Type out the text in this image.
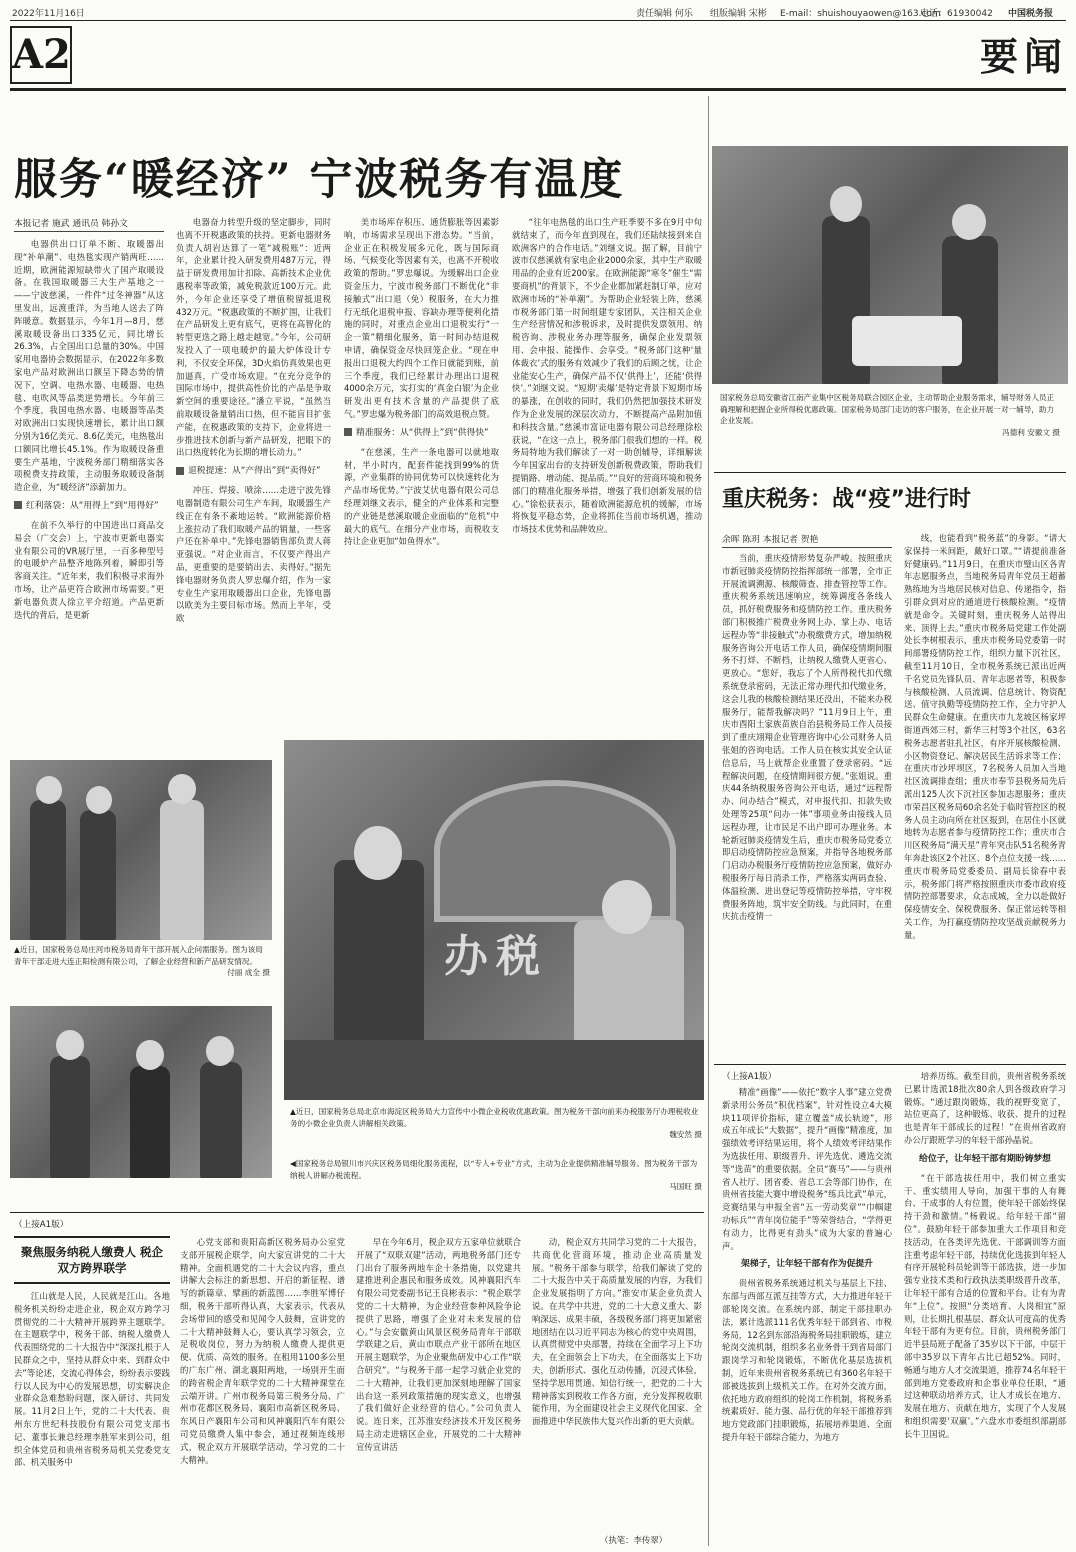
2022年11月16日	责任编辑 何乐 组版编辑 宋彬 E-mail：shuishouyaowen@163.com
电话：61930042 中国税务报
A2	要闻
服务“暖经济” 宁波税务有温度
本报记者 施武 通讯员 韩孙文

电器供出口订单不断、取暖器出现“补单潮”、电热毯实现产销两旺……近期，欧洲能源短缺带火了国产取暖设备。在我国取暖器三大生产基地之一——宁波慈溪，一件件“过冬神器”从这里发出，远渡重洋，为当地人送去了阵阵暖意。数据显示，今年1月—8月，慈溪取暖设备出口335亿元，同比增长26.3%，占全国出口总量的30%。中国家用电器协会数据显示，在2022年多数家电产品对欧洲出口额呈下降态势的情况下，空调、电热水器、电暖器、电热毯、电吹风等品类逆势增长。今年前三个季度，我国电热水器、电暖器等品类对欧洲出口实现快速增长，累计出口额分别为16亿美元、8.6亿美元，电热毯出口额同比增长45.1%。作为取暖设备重要生产基地，宁波税务部门精细落实各项税费支持政策，主动服务取暖设备制造企业，为“暖经济”添薪加力。

红利落袋：从“用得上”到“用得好”

在前不久举行的中国进出口商品交易会（广交会）上，宁波市更新电器实业有限公司的VR展厅里，一百多种型号的电暖炉产品整齐地陈列着，瞬即引等客商关注。“近年来，我们积极寻求海外市场，让产品更符合欧洲市场需要。”更新电器负责人徐立平介绍道。产品更新迭代的背后，是更新

电器奋力转型升级的坚定脚步，同时也离不开税惠政策的扶持。更新电器财务负责人胡岩达算了一笔“减税账”：近两年，企业累计投入研发费用487万元，得益于研发费用加计扣除、高新技术企业优惠税率等政策，减免税款近100万元。此外，今年企业还享受了增值税留抵退税432万元。“税惠政策的不断扩围，让我们在产品研发上更有底气，更将在高智化的转型更迭之路上越走越宽。”今年，公司研发投入了一项电暖炉的最大炉体设计专利，不仅安全环保，3D火焰仿真效果也更加逼真，广受市场欢迎。“在充分竞争的国际市场中，提供高性价比的产品是争取新空间的重要途径。”潘立平说，“虽然当前取暖设备量销出口热，但不能盲目扩张产能，在税惠政策的支持下，企业将进一步推进技术创新与新产品研发，把眼下的出口热度转化为长期的增长动力。”

退税提速：从“产得出”到“卖得好”

冲压、焊接、喷涂……走进宁波先锋电器制造有限公司生产车间，取暖器生产线正在有条不紊地运转。“欧洲能源价格上涨拉动了我们取暖产品的销量，一些客户还在补单中。”先锋电器销售部负责人蒋亚强说。“对企业而言，不仅要产得出产品，更重要的是要销出去、卖得好。”据先锋电器财务负责人罗忠爆介绍，作为一家专业生产家用取暖器出口企业，先锋电器以欧美为主要目标市场。然而上半年，受欧

美市场库存积压、通货膨胀等因素影响，市场需求呈现出下滑态势。“当前，企业正在积极发展多元化，既与国际商场、气候变化等因素有关，也离不开税收政策的帮助。”罗忠爆说。为缓解出口企业资金压力，宁波市税务部门不断优化“非接触式”出口退（免）税服务，在大力推行无纸化退税申报、容缺办理等便利化措施的同时，对重点企业出口退税实行“一企一策”精细化服务，第一时间办结退税申请，确保资金尽快回笼企业。“现在申报出口退税大约四个工作日就能到账，前三个季度，我们已经累计办理出口退税4000余万元，实打实的‘真金白银’为企业研发出更有技术含量的产品提供了底气。”罗忠爆为税务部门的高效退税点赞。

精准服务：从“供得上”到“供得快”

“在慈溪，生产一条电器可以就地取材，半小时内，配套件能找到99%的货源，产业集群的协同优势可以快速转化为产品市场优势。”宁波艾伏电器有限公司总经理刘继文表示，健全的产业体系和完整的产业链是慈溪取暖企业面临的“危机”中最大的底气。在细分产业市场，而税收支持让企业更加“如鱼得水”。

“往年电热毯的出口生产旺季要不多在9月中旬就结束了，而今年直到现在，我们还陆续接到来自欧洲客户的合作电话。”刘继文说。据了解，目前宁波市仅慈溪就有家电企业2000余家，其中生产取暖用品的企业有近200家。在欧洲能源“寒冬”催生“需要商机”的背景下，不少企业都加紧赶制订单，应对欧洲市场的“补单潮”。为帮助企业轻装上阵，慈溪市税务部门第一时间组建专家团队，关注相关企业生产经营情况和涉税诉求，及时提供发票领用、纳税咨询、涉税业务办理等服务，确保企业发票领用、会申报、能操作、会享受。“税务部门这种‘量体裁衣’式的服务有效减少了我们的后顾之忧，让企业能安心生产，确保产品不仅‘供得上’，还能‘供得快’。”刘继文说。“短期‘卖爆’是特定背景下短期市场的暴涨，在创收的同时，我们仍然把加强技术研发作为企业发展的深层次动力，不断提高产品附加值和科技含量。”慈溪市富证电器有限公司总经理徐松获说，“在这一点上，税务部门很我们想的一样。税务局特地为我们解读了一对一助创辅导，详细解读今年国家出台的支持研发创新税费政策，帮助我们提销路、增动能、提品质。”“良好的营商环境和税务部门的精准化服务举措，增强了我们创新发展的信心。”徐松获表示，随着欧洲能源危机的缓解，市场将恢复平稳态势，企业将抓住当前市场机遇，推动市场技术优势和品牌效应。

国家税务总局安徽省江南产业集中区税务局联合园区企业，主动帮助企业服务需求，辅导财务人员正确理解和把握企业所得税优惠政策。国家税务局部门走访的客户服务，在企业开展一对一辅导，助力企业发展。
冯德利 安徽文 摄
重庆税务：战“疫”进行时
余晖 陈玥 本报记者 贺艳

当前，重庆疫情形势复杂严峻。按照重庆市新冠肺炎疫情防控指挥部统一部署，全市正开展流调溯源、核酸筛查、排查管控等工作。重庆税务系统迅速响应，统筹调度各条线人员，抓好税费服务和疫情防控工作。重庆税务部门积极推广税费业务网上办、掌上办、电话远程办等“非接触式”办税缴费方式，增加纳税服务咨询公开电话工作人员，确保疫情期间服务不打烊、不断档，让纳税人缴费人更省心、更放心。“您好，我忘了个人所得税代扣代缴系统登录密码，无法正常办理代扣代缴业务，这会儿我的核酸检测结果还没出，不能来办税服务厅，能帮我解决吗？”11月9日上午，重庆市酉阳土家族苗族自治县税务局工作人员接到了重庆翊翔企业管理咨询中心公司财务人员张姐的咨询电话。工作人员在核实其安全认证信息后，马上就帮企业重置了登录密码。“远程解决问题，在疫情期间很方便。”张姐说。重庆44条纳税服务咨询公开电话，通过“远程帮办、问办结合”模式，对申报代扣、扣款失败处理等25项“问办一体”事项业务由接线人员远程办理，让市民足不出户即可办理业务。本轮新冠肺炎疫情发生后，重庆市税务局党委立即启动疫情防控应急预案，并指导各地税务部门启动办税服务厅疫情防控应急预案，做好办税服务厅每日消杀工作，严格落实两码查验、体温检测、进出登记等疫情防控举措，守牢税费服务阵地，筑牢安全防线。与此同时，在重庆抗击疫情一

线，也能看到“税务蓝”的身影。“请大家保持一米间距，戴好口罩。”“请提前准备好健康码。”11月9日，在重庆市璧山区各青年志愿服务点，当地税务局青年党员王超蓄熟练地为当地居民核对信息、传递指令，指引群众到对应的通道进行核酸检测。“疫情就是命令。关键时刻，重庆税务人站得出来、顶得上去。”重庆市税务局党建工作处副处长李树根表示，重庆市税务局党委第一时间部署疫情防控工作，组织力量下沉社区，截至11月10日，全市税务系统已派出近两千名党员先锋队员、青年志愿者等，积极参与核酸检测、人员流调、信息统计、物资配送、值守执勤等疫情防控工作，全力守护人民群众生命健康。在重庆市九龙坡区杨家坪街道西郊三村，新华三村等3个社区，63名税务志愿者驻扎社区，有序开展核酸检测、小区物资登记、解决居民生活诉求等工作；在重庆市沙坪坝区，7名税务人员加入当地社区流调排查组；重庆市奉节县税务局先后派出125人次下沉社区参加志愿服务；重庆市荣昌区税务局60余名处于临时管控区的税务人员主动向所在社区报到，在居住小区就地转为志愿者参与疫情防控工作；重庆市合川区税务局“满天星”青年突击队51名税务青年奔赴该区2个社区、8个点位支援一线……重庆市税务局党委委员、副局长徐春中表示，税务部门将严格按照重庆市委市政府疫情防控部署要求，众志成城，全力以赴做好保疫情安全、保税费服务、保正常运转等相关工作，为打赢疫情防控攻坚战贡献税务力量。

▲近日，国家税务总局庄河市税务局青年干部开展入企问需服务。图为该局青年干部走进大连正阳检测有限公司，了解企业经营和新产品研发情况。
付丽 成全 摄	办税
▲近日，国家税务总局北京市海淀区税务局大力宣传中小微企业税收优惠政策。图为税务干部向前来办税服务厅办理税收业务的小微企业负责人讲解相关政策。
魏安然 摄
◀国家税务总局银川市兴庆区税务局细化服务流程，以“专人+专业”方式，主动为企业提供精准辅导服务。图为税务干部为纳税人讲解办税流程。
马国旺 摄
（上接A1版）

精准“画像”——依托“数字人事”建立党费新录用公务员“积优档案”，针对性设立4大模块11项评价指标，建立覆盖“成长轨迹”，形成五年成长“大数据”，提升“画像”精准度，加强绩效考评结果运用，将个人绩效考评结果作为选拔任用、职级晋升、评先选优、遴选交流等“选苗”的重要依据。全员“赛马”——与贵州省人社厅、团省委、省总工会等部门协作，在贵州省技能大赛中增设税务“练兵比武”单元，竞赛结果与申报全省“五一劳动奖章”“巾帼建功标兵”“青年岗位能手”等荣誉结合，“学得更有动力，比得更有劲头”成为大家的普遍心声。

架梯子，让年轻干部有作为促提升

贵州省税务系统通过机关与基层上下挂、东部与西部互派互挂等方式，大力推进年轻干部轮岗交流。在系统内部，制定干部挂职办法，累计选派111名优秀年轻干部到省、市税务局，12名到东部沿海税务局挂职锻炼，建立轮岗交流机制，组织多名业务骨干到省局部门跟岗学习和轮岗锻炼，不断优化基层选拔机制，近年来贵州省税务系统已有360名年轻干部被选拔到上级机关工作。在对外交流方面，依托地方政府组织的轮岗工作机制，将税务系统素质好、能力强、品行优的年轻干部推荐到地方党政部门挂职锻炼，拓展培养渠道、全面提升年轻干部综合能力，为地方

培养历练。截至目前，贵州省税务系统已累计选派18批次80余人到各级政府学习锻炼。“通过跟岗锻炼，我的视野变宽了，站位更高了，这种锻炼、收获、提升的过程也是青年干部成长的过程！”在贵州省政府办公厅跟班学习的年轻干部孙晶说。

给位子，让年轻干部有期盼铸梦想

“在干部选拔任用中，我们树立重实干、重实绩用人导向，加强干事的人有舞台、干成事的人有位置，使年轻干部始终保持干劲和激情。”杨毅说。给年轻干部“留位”。鼓励年轻干部参加重大工作项目和竞技活动，在各类评先选优、干部调训等方面注重考虑年轻干部，持续优化选拔到年轻人有序开展轮科员轮训等干部选拔，进一步加强专业技术类和行政执法类职级晋升改革，让年轻干部有合适的位置和平台。让有为青年“上位”。按照“分类培育、人岗相宜”原则，让长期扎根基层、群众认可度高的优秀年轻干部有为更有位。目前，贵州税务部门近半县局班子配备了35岁以下干部，中层干部中35岁以下青年占比已超52%。同时，畅通与地方人才交流渠道，推荐74名年轻干部到地方党委政府和企事业单位任职，“通过这种联动培养方式，让人才成长在地方、发展在地方、贡献在地方，实现了个人发展和组织需要‘双赢’。”六盘水市委组织部副部长牛卫国说。

（上接A1版）
聚焦服务纳税人缴费人 税企双方跨界联学

江山就是人民，人民就是江山。各地税务机关纷纷走进企业，税企双方跨学习贯彻党的二十大精神开展跨界主题联学。在主题联学中，税务干部、纳税人缴费人代表围绕党的二十大报告中“深深扎根于人民群众之中，坚持从群众中来、到群众中去”等论述，交流心得体会，纷纷表示要践行以人民为中心的发展思想，切实解决企业群众急难愁盼问题，深入研讨、共同发展。11月2日上午，党的二十大代表、贵州东方世纪科技股份有限公司党支部书记、董事长兼总经理李胜军来到公司，组织全体党员和贵州省税务局机关党委党支部、机关服务中

心党支部和贵阳高新区税务局办公室党支部开展税企联学，向大家宣讲党的二十大精神。全面机遇党的二十大会议内容，重点讲解大会标注的新思想、开启的新征程、谱写的新篇章、擘画的新蓝图……李胜军博仔细，税务干部听得认真，大家表示，代表从会场带回的感受和见闻令人鼓舞，宣讲党的二十大精神鼓舞人心，要认真学习领会，立足税收岗位，努力为纳税人缴费人提供更便、优质、高效的服务。在租用1100多公里的广东广州、湖北襄阳两地，一场别开生面的跨省税企青年联学党的二十大精神课堂在云端开讲。广州市税务局第三税务分局、广州市花都区税务局、襄阳市高新区税务局、东风日产襄阳车公司和风神襄阳汽车有限公司党员缴费人集中参会，通过视频连线形式，税企双方开展联学活动，学习党的二十大精神。

早在今年6月，税企双方五家单位就联合开展了“双联双建”活动，两地税务部门还专门出台了服务两地车企十条措施，以党建共建推进利企惠民和服务成效。风神襄阳汽车有限公司党委副书记王良彬表示：“税企联学党的二十大精神，为企业经营参种风险争论提供了思路，增强了企业对未来发展的信心。”与会安徽黄山风景区税务局青年干部联学联建之后，黄山市联点产业干部所在地区开展主题联学，为企业聚焦研发中心工作“联合研究”。“与税务干部一起学习就企业党的二十大精神，让我们更加深刻地理解了国家出台这一系列政策措施的现实意义，也增强了我们做好企业经营的信心。”公司负责人说。连日来，江苏淮安经济技术开发区税务局主动走进辖区企业，开展党的二十大精神宣传宣讲活

动，税企双方共同学习党的二十大报告，共商优化营商环境，推动企业高质量发展。“税务干部参与联学，给我们解读了党的二十大报告中关于高质量发展的内容，为我们企业发展指明了方向。”淮安市某企业负责人说。在共学中共进，党的二十大意义重大、影响深远、成果丰硕，各级税务部门将更加紧密地团结在以习近平同志为核心的党中央周围，认真贯彻党中央部署，持续在全面学习上下功夫，在全面领会上下功夫，在全面落实上下功夫，创新形式、强化互动传播，沉浸式体验，坚持学思用贯通、知信行统一，把党的二十大精神落实到税收工作各方面，充分发挥税收职能作用，为全面建设社会主义现代化国家、全面推进中华民族伟大复兴作出新的更大贡献。

（执笔：李传翠）
